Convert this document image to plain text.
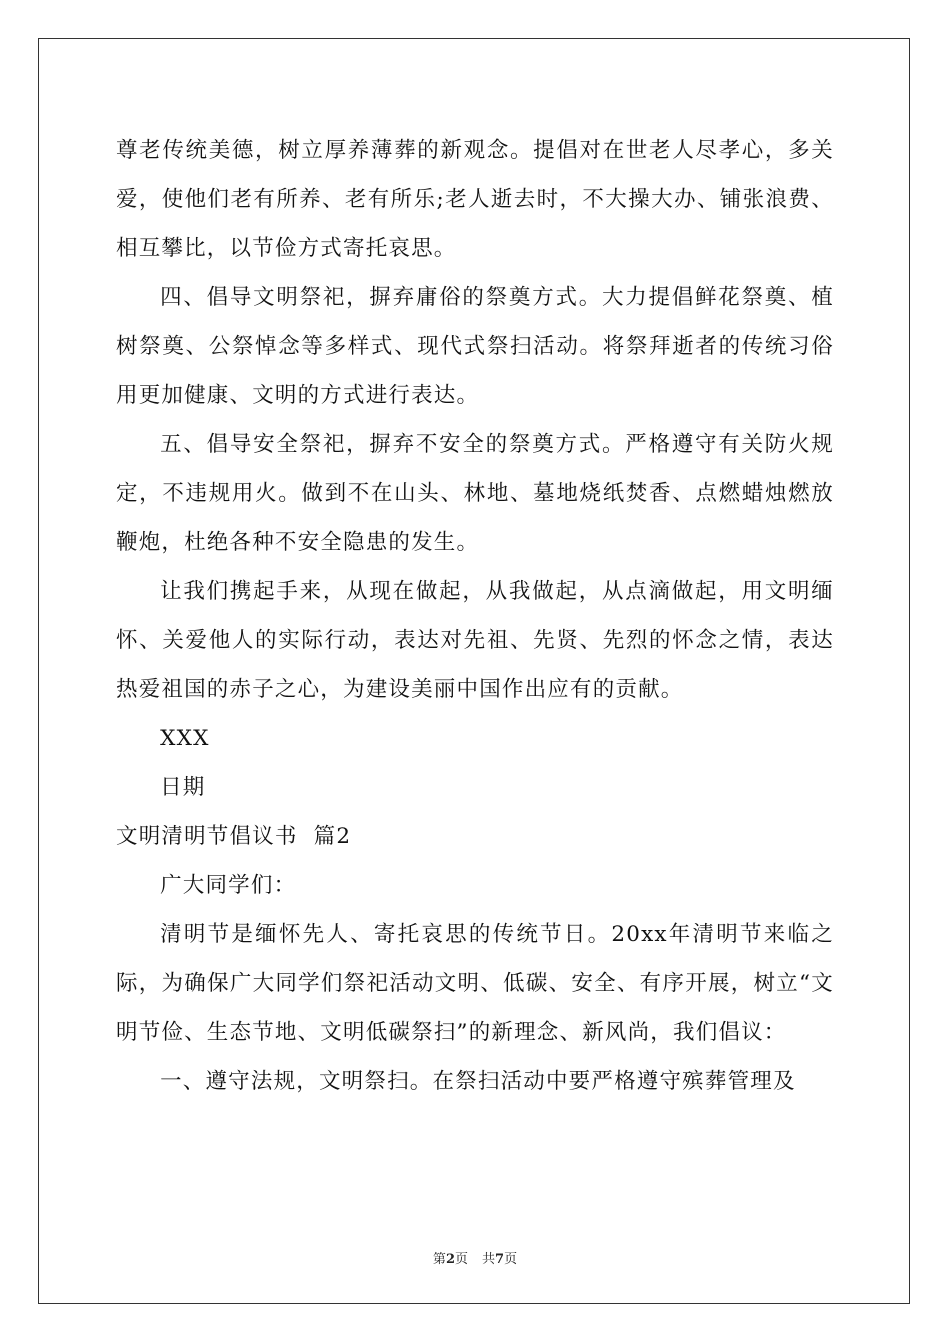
尊老传统美德，树立厚养薄葬的新观念。提倡对在世老人尽孝心，多关爱，使他们老有所养、老有所乐;老人逝去时，不大操大办、铺张浪费、相互攀比，以节俭方式寄托哀思。

四、倡导文明祭祀，摒弃庸俗的祭奠方式。大力提倡鲜花祭奠、植树祭奠、公祭悼念等多样式、现代式祭扫活动。将祭拜逝者的传统习俗用更加健康、文明的方式进行表达。

五、倡导安全祭祀，摒弃不安全的祭奠方式。严格遵守有关防火规定，不违规用火。做到不在山头、林地、墓地烧纸焚香、点燃蜡烛燃放鞭炮，杜绝各种不安全隐患的发生。

让我们携起手来，从现在做起，从我做起，从点滴做起，用文明缅怀、关爱他人的实际行动，表达对先祖、先贤、先烈的怀念之情，表达热爱祖国的赤子之心，为建设美丽中国作出应有的贡献。

XXX

日期

文明清明节倡议书  篇2

广大同学们：

清明节是缅怀先人、寄托哀思的传统节日。20xx年清明节来临之际，为确保广大同学们祭祀活动文明、低碳、安全、有序开展，树立“文明节俭、生态节地、文明低碳祭扫”的新理念、新风尚，我们倡议：

一、遵守法规，文明祭扫。在祭扫活动中要严格遵守殡葬管理及

第2页 共7页
